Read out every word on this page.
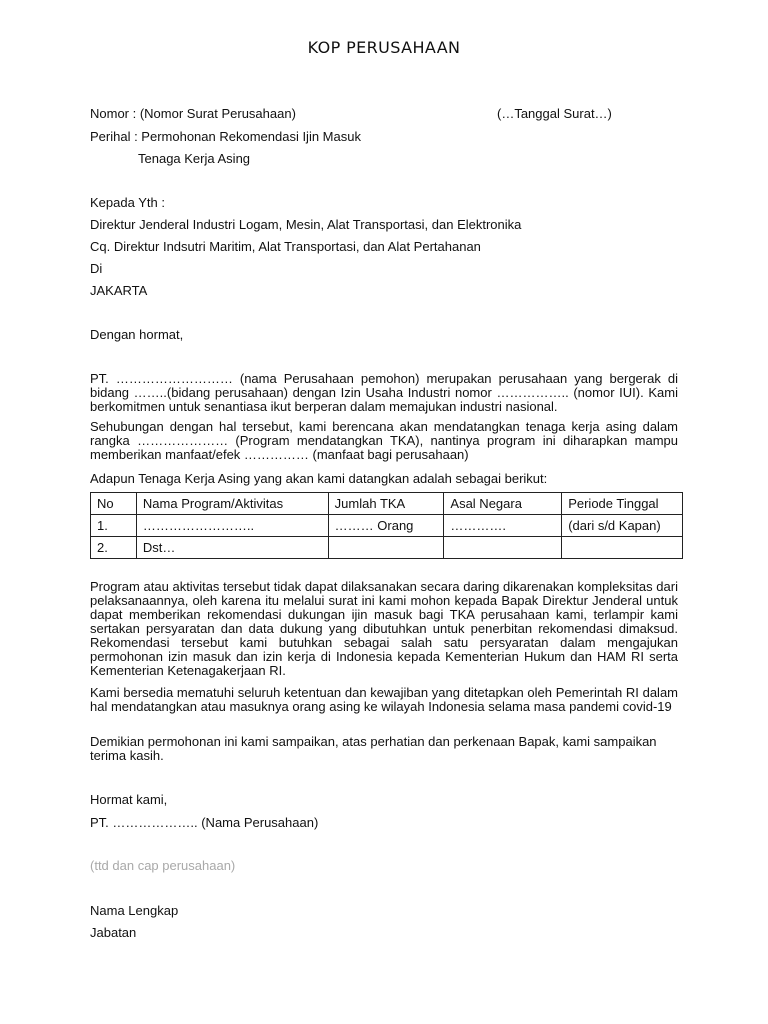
KOP PERUSAHAAN
Nomor : (Nomor Surat Perusahaan)	(…Tanggal Surat…)
Perihal : Permohonan Rekomendasi Ijin Masuk
Tenaga Kerja Asing
Kepada Yth :
Direktur Jenderal Industri Logam, Mesin, Alat Transportasi, dan Elektronika
Cq. Direktur Indsutri Maritim, Alat Transportasi, dan Alat Pertahanan
Di
JAKARTA
Dengan hormat,
PT. ……………………… (nama Perusahaan pemohon) merupakan perusahaan yang bergerak di bidang ……..(bidang perusahaan) dengan Izin Usaha Industri nomor …………….. (nomor IUI). Kami berkomitmen untuk senantiasa ikut berperan dalam memajukan industri nasional.
Sehubungan dengan hal tersebut, kami berencana akan mendatangkan tenaga kerja asing dalam rangka ………………… (Program mendatangkan TKA), nantinya program ini diharapkan mampu memberikan manfaat/efek …………… (manfaat bagi perusahaan)
Adapun Tenaga Kerja Asing yang akan kami datangkan adalah sebagai berikut:
No	Nama Program/Aktivitas	Jumlah TKA	Asal Negara	Periode Tinggal
1.	……………………..	……… Orang	………….	(dari s/d Kapan)
2.	Dst…			
Program atau aktivitas tersebut tidak dapat dilaksanakan secara daring dikarenakan kompleksitas dari pelaksanaannya, oleh karena itu melalui surat ini kami mohon kepada Bapak Direktur Jenderal untuk dapat memberikan rekomendasi dukungan ijin masuk bagi TKA perusahaan kami, terlampir kami sertakan persyaratan dan data dukung yang dibutuhkan untuk penerbitan rekomendasi dimaksud. Rekomendasi tersebut kami butuhkan sebagai salah satu persyaratan dalam mengajukan permohonan izin masuk dan izin kerja di Indonesia kepada Kementerian Hukum dan HAM RI serta Kementerian Ketenagakerjaan RI.
Kami bersedia mematuhi seluruh ketentuan dan kewajiban yang ditetapkan oleh Pemerintah RI dalam hal mendatangkan atau masuknya orang asing ke wilayah Indonesia selama masa pandemi covid-19
Demikian permohonan ini kami sampaikan, atas perhatian dan perkenaan Bapak, kami sampaikan terima kasih.
Hormat kami,
PT. ……………….. (Nama Perusahaan)
(ttd dan cap perusahaan)
Nama Lengkap
Jabatan
